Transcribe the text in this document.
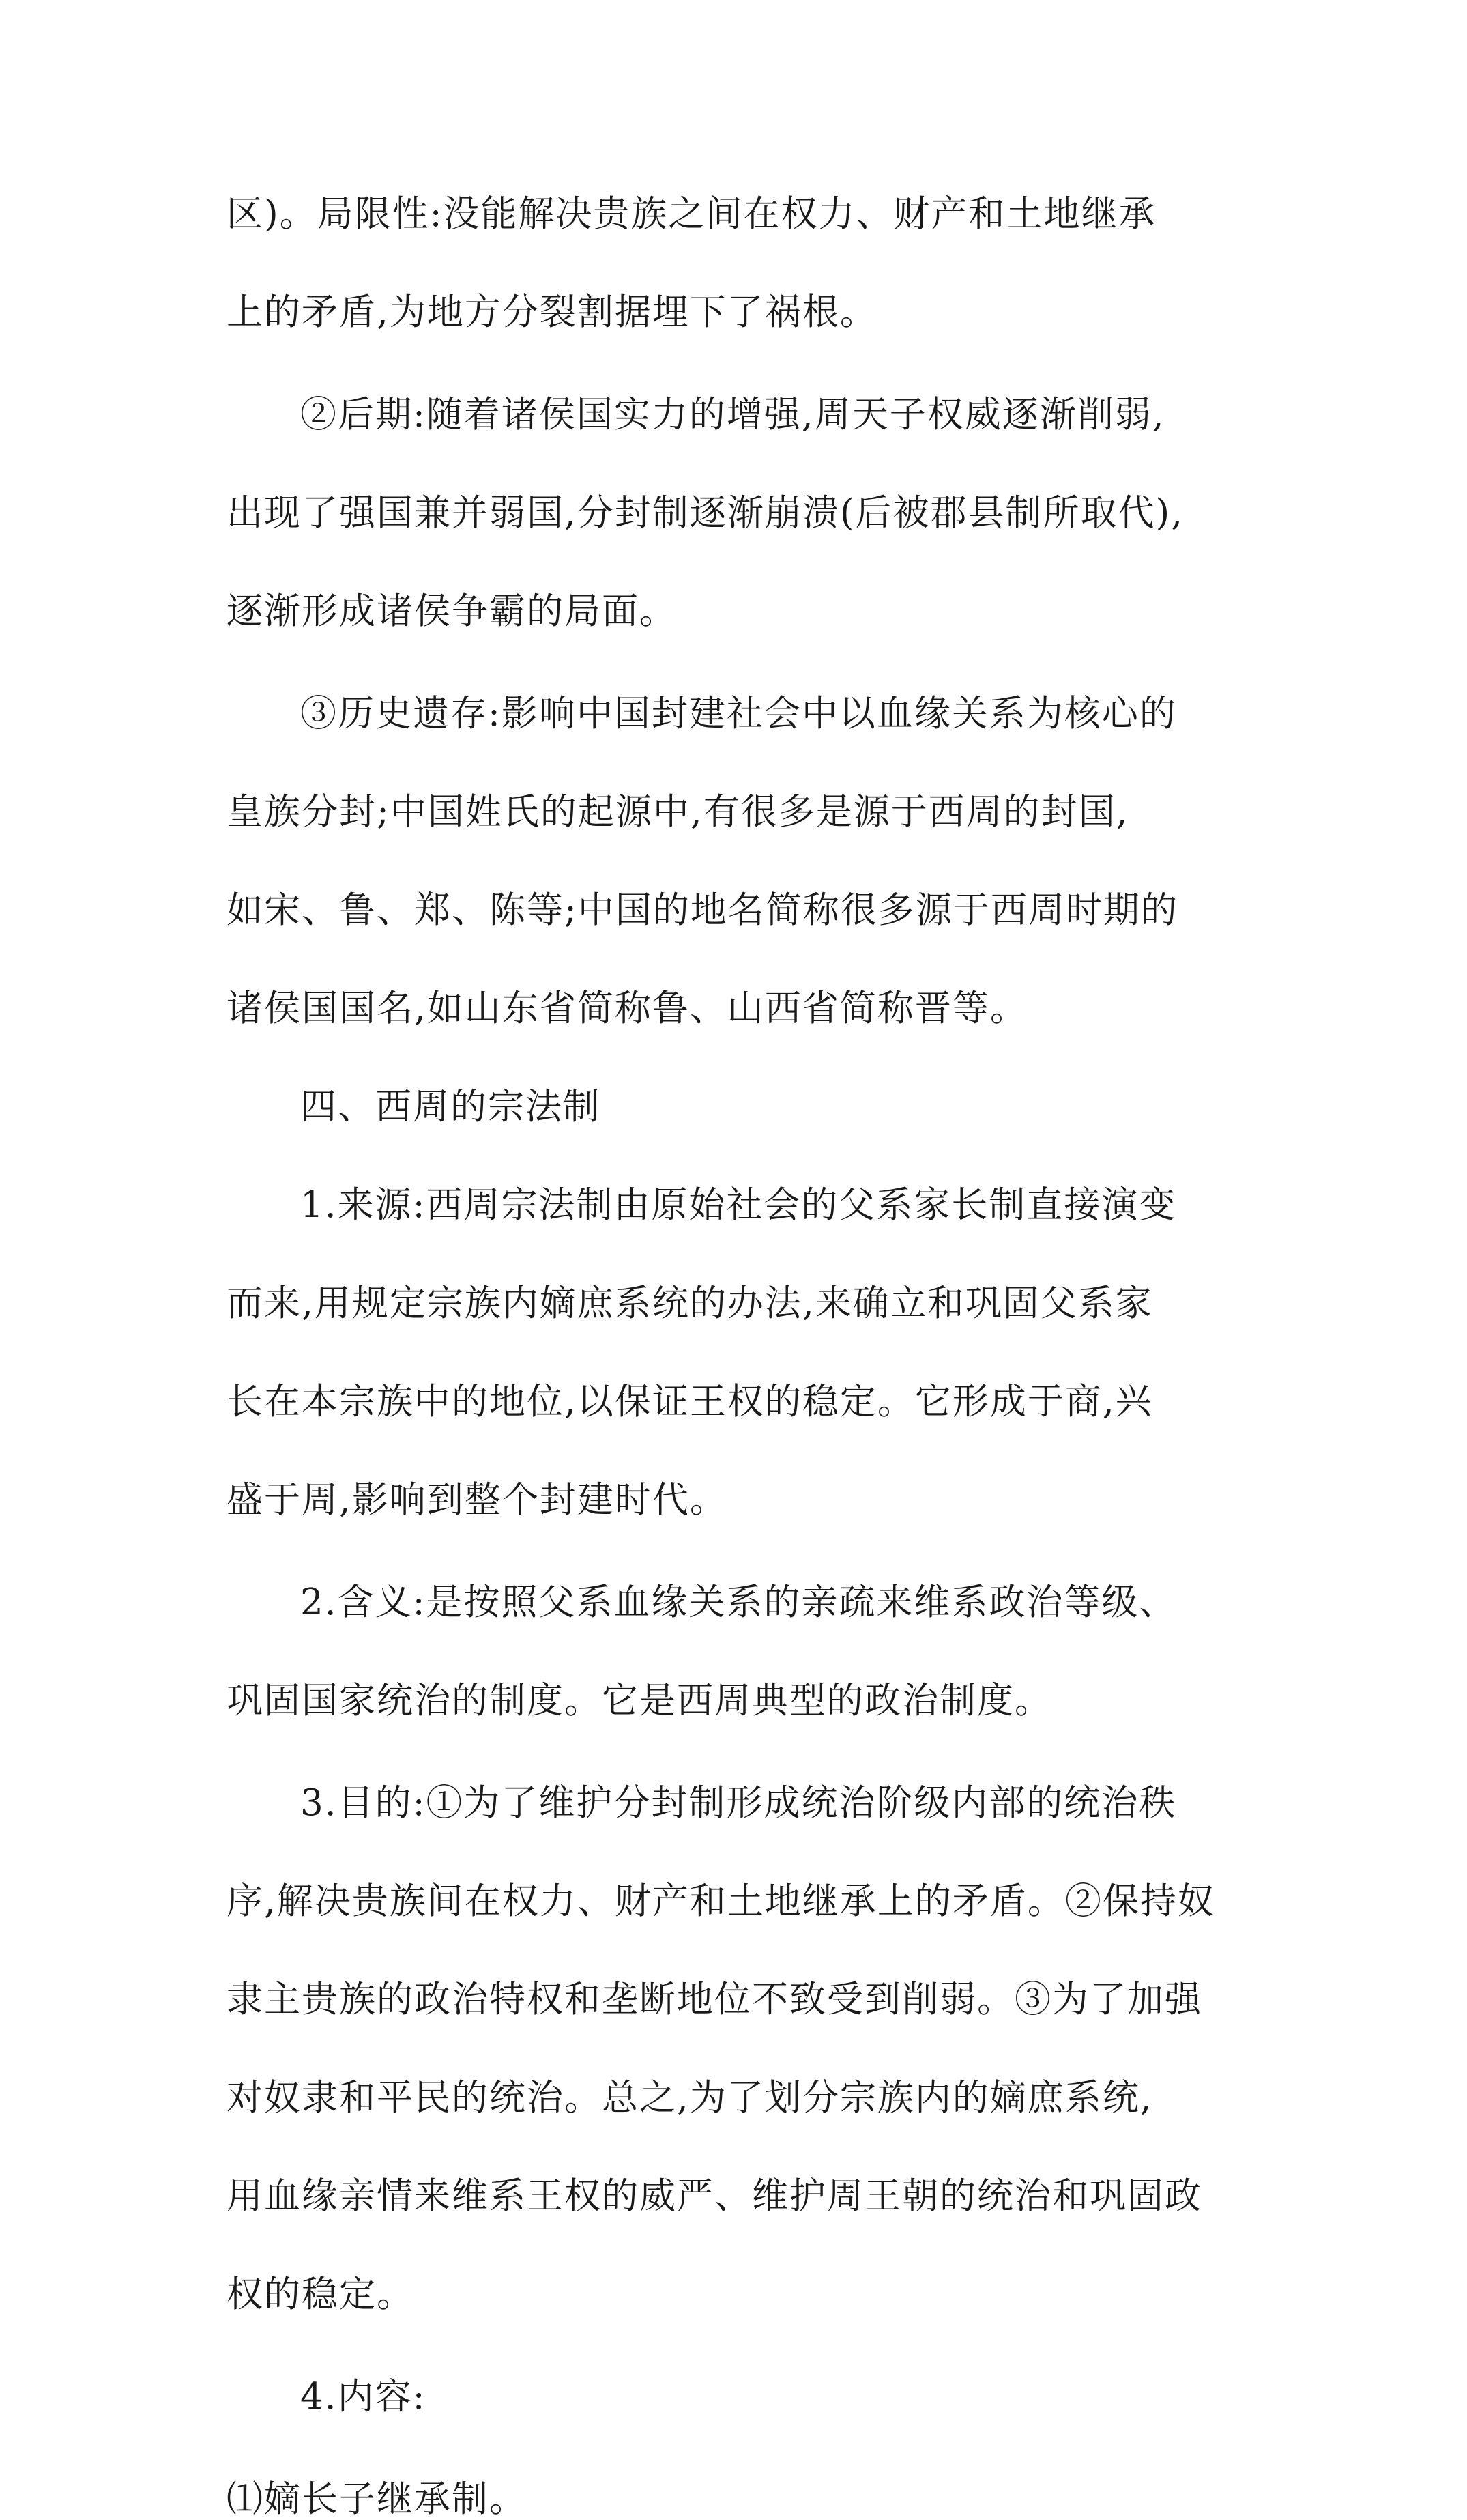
区)。局限性:没能解决贵族之间在权力、财产和土地继承
上的矛盾,为地方分裂割据埋下了祸根。
②后期:随着诸侯国实力的增强,周天子权威逐渐削弱,
出现了强国兼并弱国,分封制逐渐崩溃(后被郡县制所取代),
逐渐形成诸侯争霸的局面。
③历史遗存:影响中国封建社会中以血缘关系为核心的
皇族分封;中国姓氏的起源中,有很多是源于西周的封国,
如宋、鲁、郑、陈等;中国的地名简称很多源于西周时期的
诸侯国国名,如山东省简称鲁、山西省简称晋等。
四、西周的宗法制
1.来源:西周宗法制由原始社会的父系家长制直接演变
而来,用规定宗族内嫡庶系统的办法,来确立和巩固父系家
长在本宗族中的地位,以保证王权的稳定。它形成于商,兴
盛于周,影响到整个封建时代。
2.含义:是按照父系血缘关系的亲疏来维系政治等级、
巩固国家统治的制度。它是西周典型的政治制度。
3.目的:①为了维护分封制形成统治阶级内部的统治秩
序,解决贵族间在权力、财产和土地继承上的矛盾。②保持奴
隶主贵族的政治特权和垄断地位不致受到削弱。③为了加强
对奴隶和平民的统治。总之,为了划分宗族内的嫡庶系统,
用血缘亲情来维系王权的威严、维护周王朝的统治和巩固政
权的稳定。
4.内容:
⑴嫡长子继承制。
